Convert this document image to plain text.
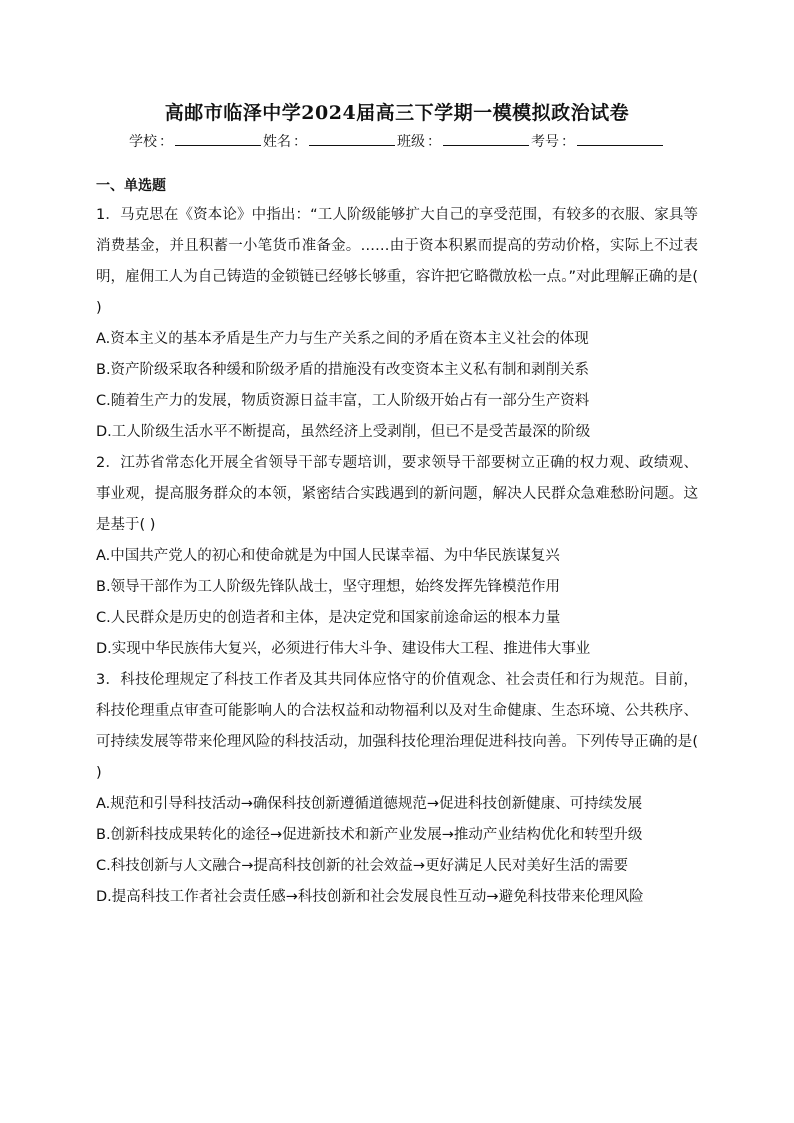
高邮市临泽中学2024届高三下学期一模模拟政治试卷
学校 ：	姓名 ：	班级 ：	考号 ：
一、单选题

1．马克思在《资本论》中指出：“工人阶级能够扩大自己的享受范围，有较多的衣服、家具等消费基金，并且积蓄一小笔货币准备金。……由于资本积累而提高的劳动价格，实际上不过表明，雇佣工人为自己铸造的金锁链已经够长够重，容许把它略微放松一点。”对此理解正确的是( )

A.资本主义的基本矛盾是生产力与生产关系之间的矛盾在资本主义社会的体现

B.资产阶级采取各种缓和阶级矛盾的措施没有改变资本主义私有制和剥削关系

C.随着生产力的发展，物质资源日益丰富，工人阶级开始占有一部分生产资料

D.工人阶级生活水平不断提高，虽然经济上受剥削，但已不是受苦最深的阶级

2．江苏省常态化开展全省领导干部专题培训，要求领导干部要树立正确的权力观、政绩观、事业观，提高服务群众的本领，紧密结合实践遇到的新问题，解决人民群众急难愁盼问题。这是基于( )

A.中国共产党人的初心和使命就是为中国人民谋幸福、为中华民族谋复兴

B.领导干部作为工人阶级先锋队战士，坚守理想，始终发挥先锋模范作用

C.人民群众是历史的创造者和主体，是决定党和国家前途命运的根本力量

D.实现中华民族伟大复兴，必须进行伟大斗争、建设伟大工程、推进伟大事业

3．科技伦理规定了科技工作者及其共同体应恪守的价值观念、社会责任和行为规范。目前，科技伦理重点审查可能影响人的合法权益和动物福利以及对生命健康、生态环境、公共秩序、可持续发展等带来伦理风险的科技活动，加强科技伦理治理促进科技向善。下列传导正确的是( )

A.规范和引导科技活动→确保科技创新遵循道德规范→促进科技创新健康、可持续发展

B.创新科技成果转化的途径→促进新技术和新产业发展→推动产业结构优化和转型升级

C.科技创新与人文融合→提高科技创新的社会效益→更好满足人民对美好生活的需要

D.提高科技工作者社会责任感→科技创新和社会发展良性互动→避免科技带来伦理风险
